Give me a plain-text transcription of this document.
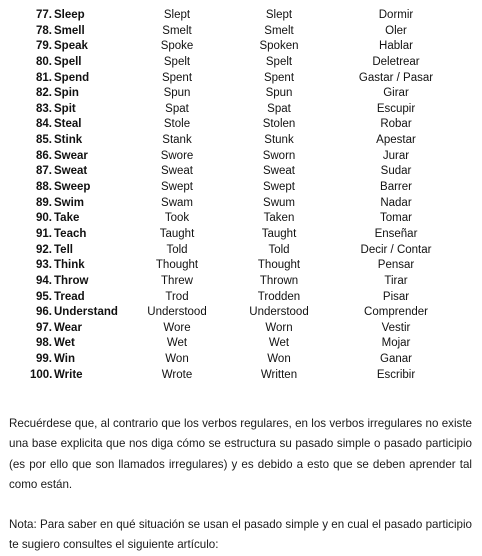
77. Sleep	Slept	Slept	Dormir
78. Smell	Smelt	Smelt	Oler
79. Speak	Spoke	Spoken	Hablar
80. Spell	Spelt	Spelt	Deletrear
81. Spend	Spent	Spent	Gastar / Pasar
82. Spin	Spun	Spun	Girar
83. Spit	Spat	Spat	Escupir
84. Steal	Stole	Stolen	Robar
85. Stink	Stank	Stunk	Apestar
86. Swear	Swore	Sworn	Jurar
87. Sweat	Sweat	Sweat	Sudar
88. Sweep	Swept	Swept	Barrer
89. Swim	Swam	Swum	Nadar
90. Take	Took	Taken	Tomar
91. Teach	Taught	Taught	Enseñar
92. Tell	Told	Told	Decir / Contar
93. Think	Thought	Thought	Pensar
94. Throw	Threw	Thrown	Tirar
95. Tread	Trod	Trodden	Pisar
96. Understand	Understood	Understood	Comprender
97. Wear	Wore	Worn	Vestir
98. Wet	Wet	Wet	Mojar
99. Win	Won	Won	Ganar
100. Write	Wrote	Written	Escribir

Recuérdese que, al contrario que los verbos regulares, en los verbos irregulares no existe una base explicita que nos diga cómo se estructura su pasado simple o pasado participio (es por ello que son llamados irregulares) y es debido a esto que se deben aprender tal como están.

Nota: Para saber en qué situación se usan el pasado simple y en cual el pasado participio te sugiero consultes el siguiente artículo:
